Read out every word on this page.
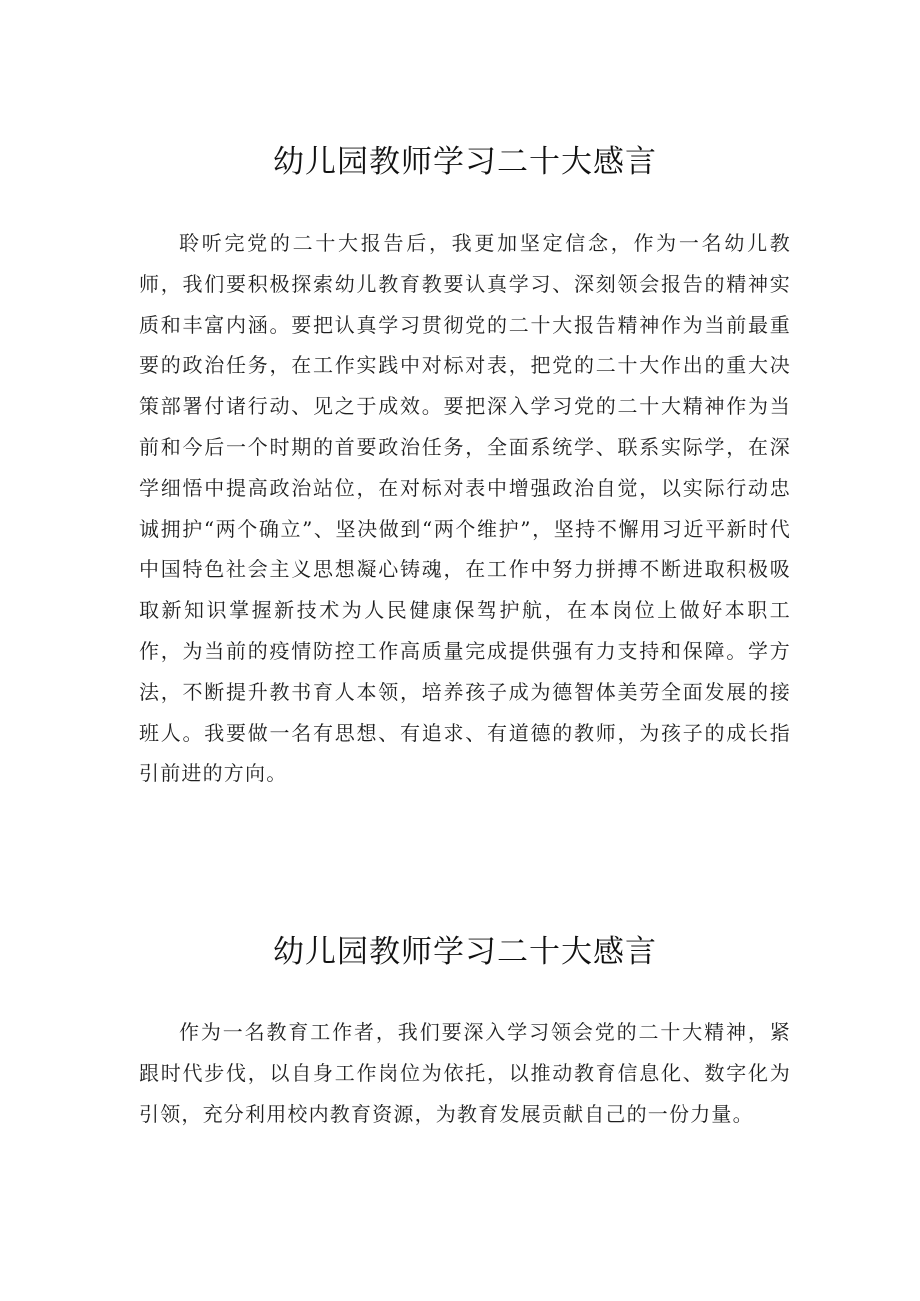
幼儿园教师学习二十大感言

聆听完党的二十大报告后，我更加坚定信念，作为一名幼儿教师，我们要积极探索幼儿教育教要认真学习、深刻领会报告的精神实质和丰富内涵。要把认真学习贯彻党的二十大报告精神作为当前最重要的政治任务，在工作实践中对标对表，把党的二十大作出的重大决策部署付诸行动、见之于成效。要把深入学习党的二十大精神作为当前和今后一个时期的首要政治任务，全面系统学、联系实际学，在深学细悟中提高政治站位，在对标对表中增强政治自觉，以实际行动忠诚拥护“两个确立”、坚决做到“两个维护”，坚持不懈用习近平新时代中国特色社会主义思想凝心铸魂，在工作中努力拼搏不断进取积极吸取新知识掌握新技术为人民健康保驾护航，在本岗位上做好本职工作，为当前的疫情防控工作高质量完成提供强有力支持和保障。学方法，不断提升教书育人本领，培养孩子成为德智体美劳全面发展的接班人。我要做一名有思想、有追求、有道德的教师，为孩子的成长指引前进的方向。

幼儿园教师学习二十大感言

作为一名教育工作者，我们要深入学习领会党的二十大精神，紧跟时代步伐，以自身工作岗位为依托，以推动教育信息化、数字化为引领，充分利用校内教育资源，为教育发展贡献自己的一份力量。
